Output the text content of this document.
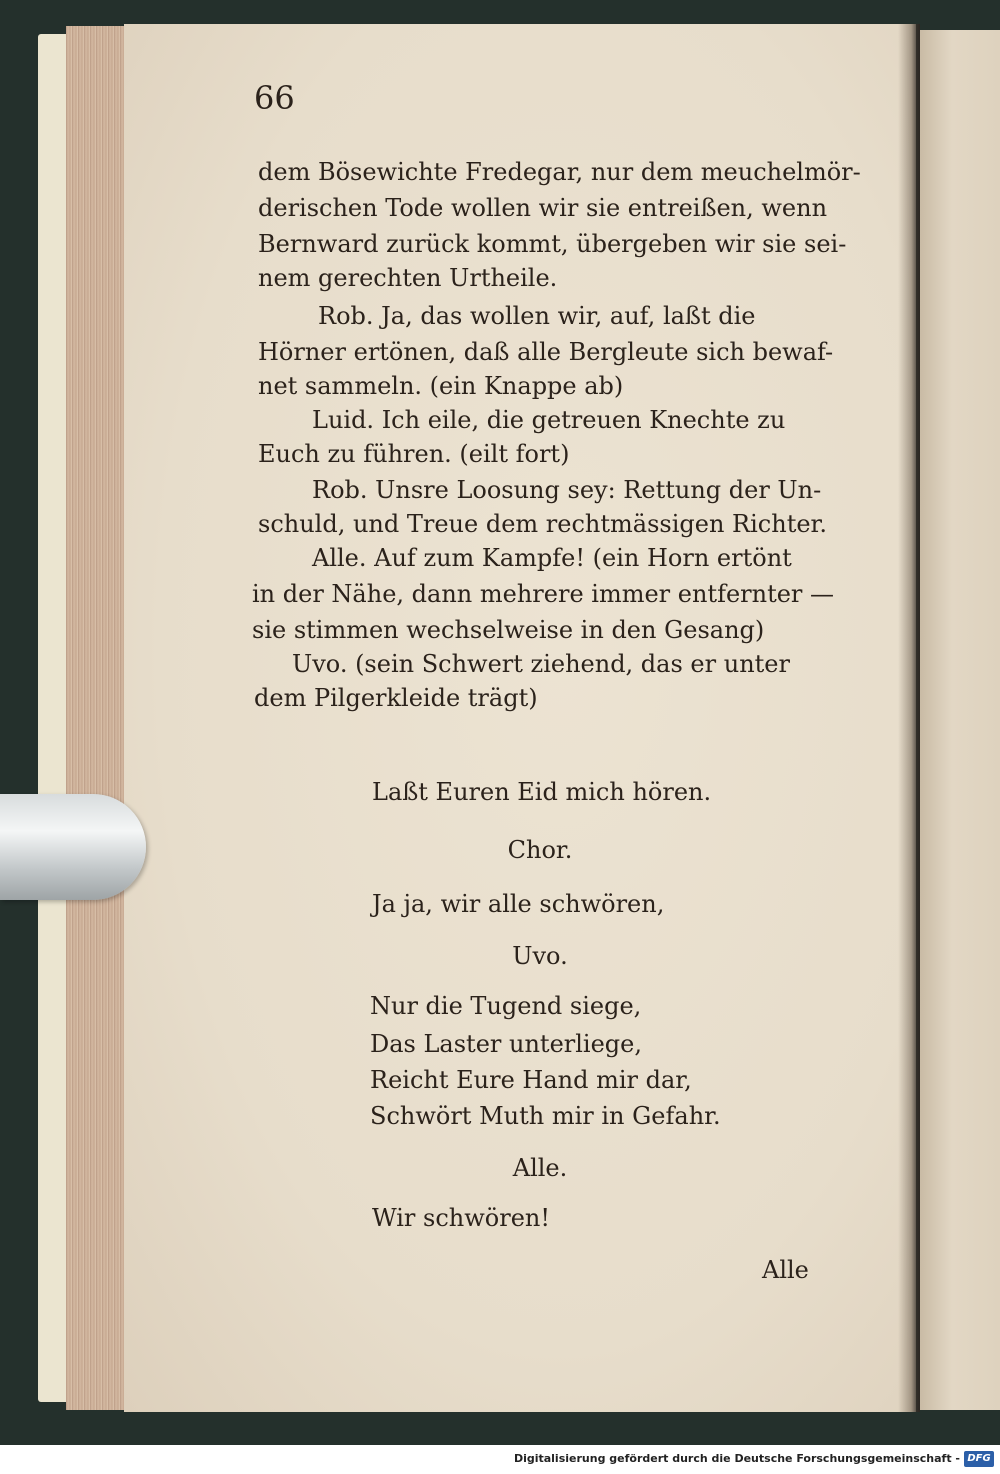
66

dem Bösewichte Fredegar, nur dem meuchelmör-

derischen Tode wollen wir sie entreißen, wenn

Bernward zurück kommt, übergeben wir sie sei-

nem gerechten Urtheile.

Rob. Ja, das wollen wir, auf, laßt die

Hörner ertönen, daß alle Bergleute sich bewaf-

net sammeln. (ein Knappe ab)

Luid. Ich eile, die getreuen Knechte zu

Euch zu führen. (eilt fort)

Rob. Unsre Loosung sey: Rettung der Un-

schuld, und Treue dem rechtmässigen Richter.

Alle. Auf zum Kampfe! (ein Horn ertönt

in der Nähe, dann mehrere immer entfernter —

sie stimmen wechselweise in den Gesang)

Uvo. (sein Schwert ziehend, das er unter

dem Pilgerkleide trägt)

Laßt Euren Eid mich hören.

Chor.

Ja ja, wir alle schwören,

Uvo.

Nur die Tugend siege,

Das Laster unterliege,

Reicht Eure Hand mir dar,

Schwört Muth mir in Gefahr.

Alle.

Wir schwören!

Alle

Digitalisierung gefördert durch die Deutsche Forschungsgemeinschaft - DFG
